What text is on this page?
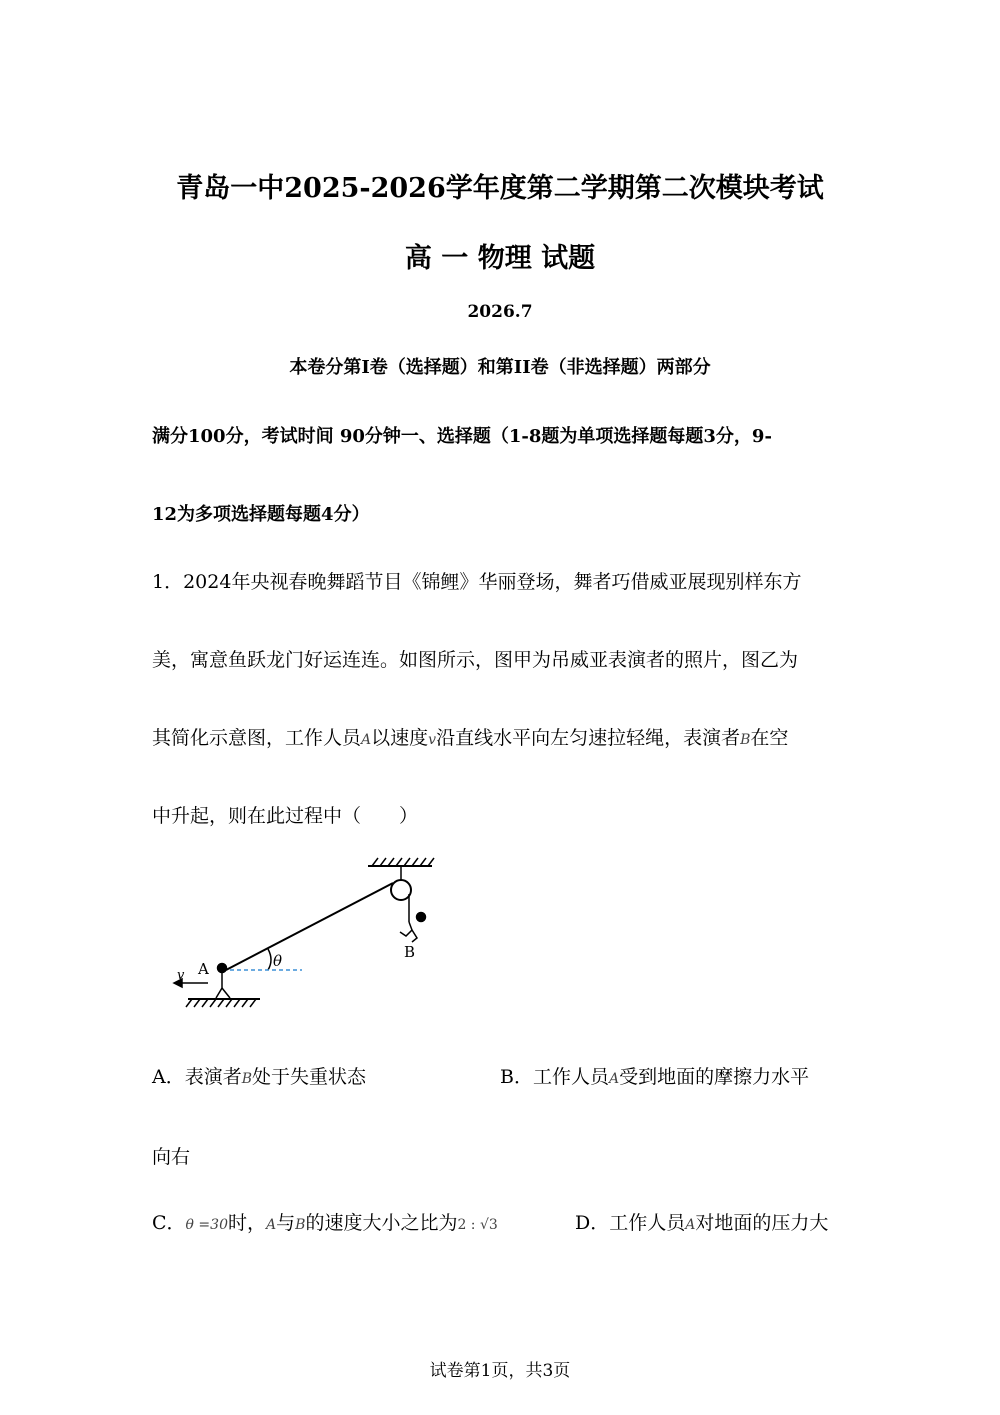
青岛一中2025-2026学年度第二学期第二次模块考试
高 一 物理 试题
2026.7
本卷分第I卷（选择题）和第II卷（非选择题）两部分
满分100分，考试时间 90分钟一、选择题（1-8题为单项选择题每题3分，9-
12为多项选择题每题4分）
1．2024年央视春晚舞蹈节目《锦鲤》华丽登场，舞者巧借威亚展现别样东方
美，寓意鱼跃龙门好运连连。如图所示，图甲为吊威亚表演者的照片，图乙为
其简化示意图，工作人员A以速度v沿直线水平向左匀速拉轻绳，表演者B在空
中升起，则在此过程中（　　）
B
θ
A
v
A．表演者B处于失重状态	B．工作人员A受到地面的摩擦力水平
向右
C．θ =30时，A与B的速度大小之比为2 : √3	D．工作人员A对地面的压力大
试卷第1页，共3页
